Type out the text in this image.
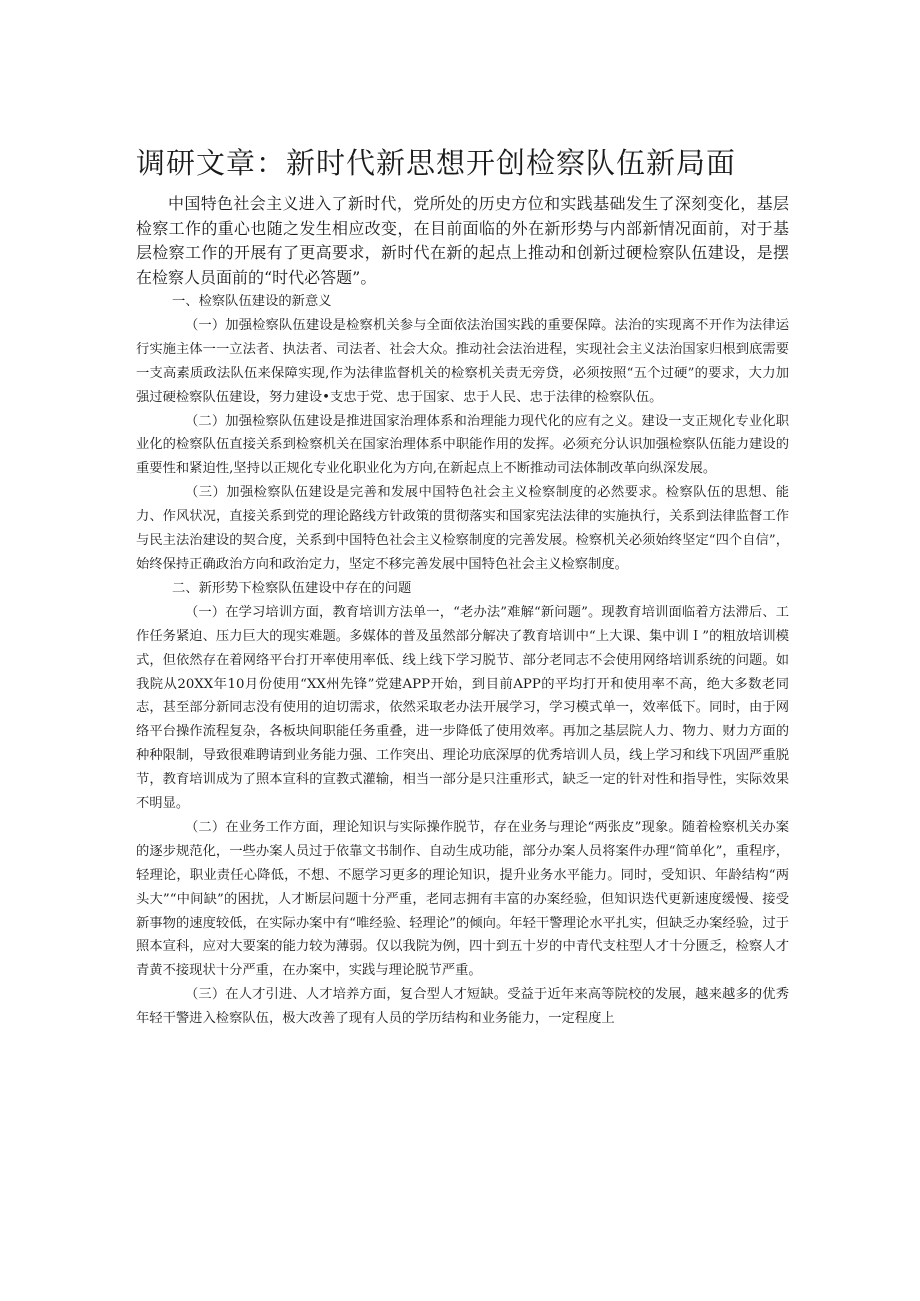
调研文章：新时代新思想开创检察队伍新局面

中国特色社会主义进入了新时代，党所处的历史方位和实践基础发生了深刻变化，基层检察工作的重心也随之发生相应改变，在目前面临的外在新形势与内部新情况面前，对于基层检察工作的开展有了更高要求，新时代在新的起点上推动和创新过硬检察队伍建设，是摆在检察人员面前的“时代必答题”。

一、检察队伍建设的新意义

（一）加强检察队伍建设是检察机关参与全面依法治国实践的重要保障。法治的实现离不开作为法律运行实施主体一一立法者、执法者、司法者、社会大众。推动社会法治进程，实现社会主义法治国家归根到底需要一支高素质政法队伍来保障实现,作为法律监督机关的检察机关责无旁贷，必须按照“五个过硬”的要求，大力加强过硬检察队伍建设，努力建设•支忠于党、忠于国家、忠于人民、忠于法律的检察队伍。

（二）加强检察队伍建设是推进国家治理体系和治理能力现代化的应有之义。建设一支正规化专业化职业化的检察队伍直接关系到检察机关在国家治理体系中职能作用的发挥。必须充分认识加强检察队伍能力建设的重要性和紧迫性,坚持以正规化专业化职业化为方向,在新起点上不断推动司法体制改革向纵深发展。

（三）加强检察队伍建设是完善和发展中国特色社会主义检察制度的必然要求。检察队伍的思想、能力、作风状况，直接关系到党的理论路线方针政策的贯彻落实和国家宪法法律的实施执行，关系到法律监督工作与民主法治建设的契合度，关系到中国特色社会主义检察制度的完善发展。检察机关必须始终坚定“四个自信”，始终保持正确政治方向和政治定力，坚定不移完善发展中国特色社会主义检察制度。

二、新形势下检察队伍建设中存在的问题

（一）在学习培训方面，教育培训方法单一，“老办法”难解“新问题”。现教育培训面临着方法滞后、工作任务紧迫、压力巨大的现实难题。多媒体的普及虽然部分解决了教育培训中“上大课、集中训Ｉ”的粗放培训模式，但依然存在着网络平台打开率使用率低、线上线下学习脱节、部分老同志不会使用网络培训系统的问题。如我院从20XX年10月份使用“XX州先锋”党建APP开始，到目前APP的平均打开和使用率不高，绝大多数老同志，甚至部分新同志没有使用的迫切需求，依然采取老办法开展学习，学习模式单一，效率低下。同时，由于网络平台操作流程复杂，各板块间职能任务重叠，进一步降低了使用效率。再加之基层院人力、物力、财力方面的种种限制，导致很难聘请到业务能力强、工作突出、理论功底深厚的优秀培训人员，线上学习和线下巩固严重脱节，教育培训成为了照本宣科的宣教式灌输，相当一部分是只注重形式，缺乏一定的针对性和指导性，实际效果不明显。

（二）在业务工作方面，理论知识与实际操作脱节，存在业务与理论“两张皮”现象。随着检察机关办案的逐步规范化，一些办案人员过于依靠文书制作、自动生成功能，部分办案人员将案件办理“简单化”，重程序，轻理论，职业责任心降低，不想、不愿学习更多的理论知识，提升业务水平能力。同时，受知识、年龄结构“两头大”“中间缺”的困扰，人才断层问题十分严重，老同志拥有丰富的办案经验，但知识迭代更新速度缓慢、接受新事物的速度较低，在实际办案中有“唯经验、轻理论”的倾向。年轻干警理论水平扎实，但缺乏办案经验，过于照本宣科，应对大要案的能力较为薄弱。仅以我院为例，四十到五十岁的中青代支柱型人才十分匮乏，检察人才青黄不接现状十分严重，在办案中，实践与理论脱节严重。

（三）在人才引进、人才培养方面，复合型人才短缺。受益于近年来高等院校的发展，越来越多的优秀年轻干警进入检察队伍，极大改善了现有人员的学历结构和业务能力，一定程度上
